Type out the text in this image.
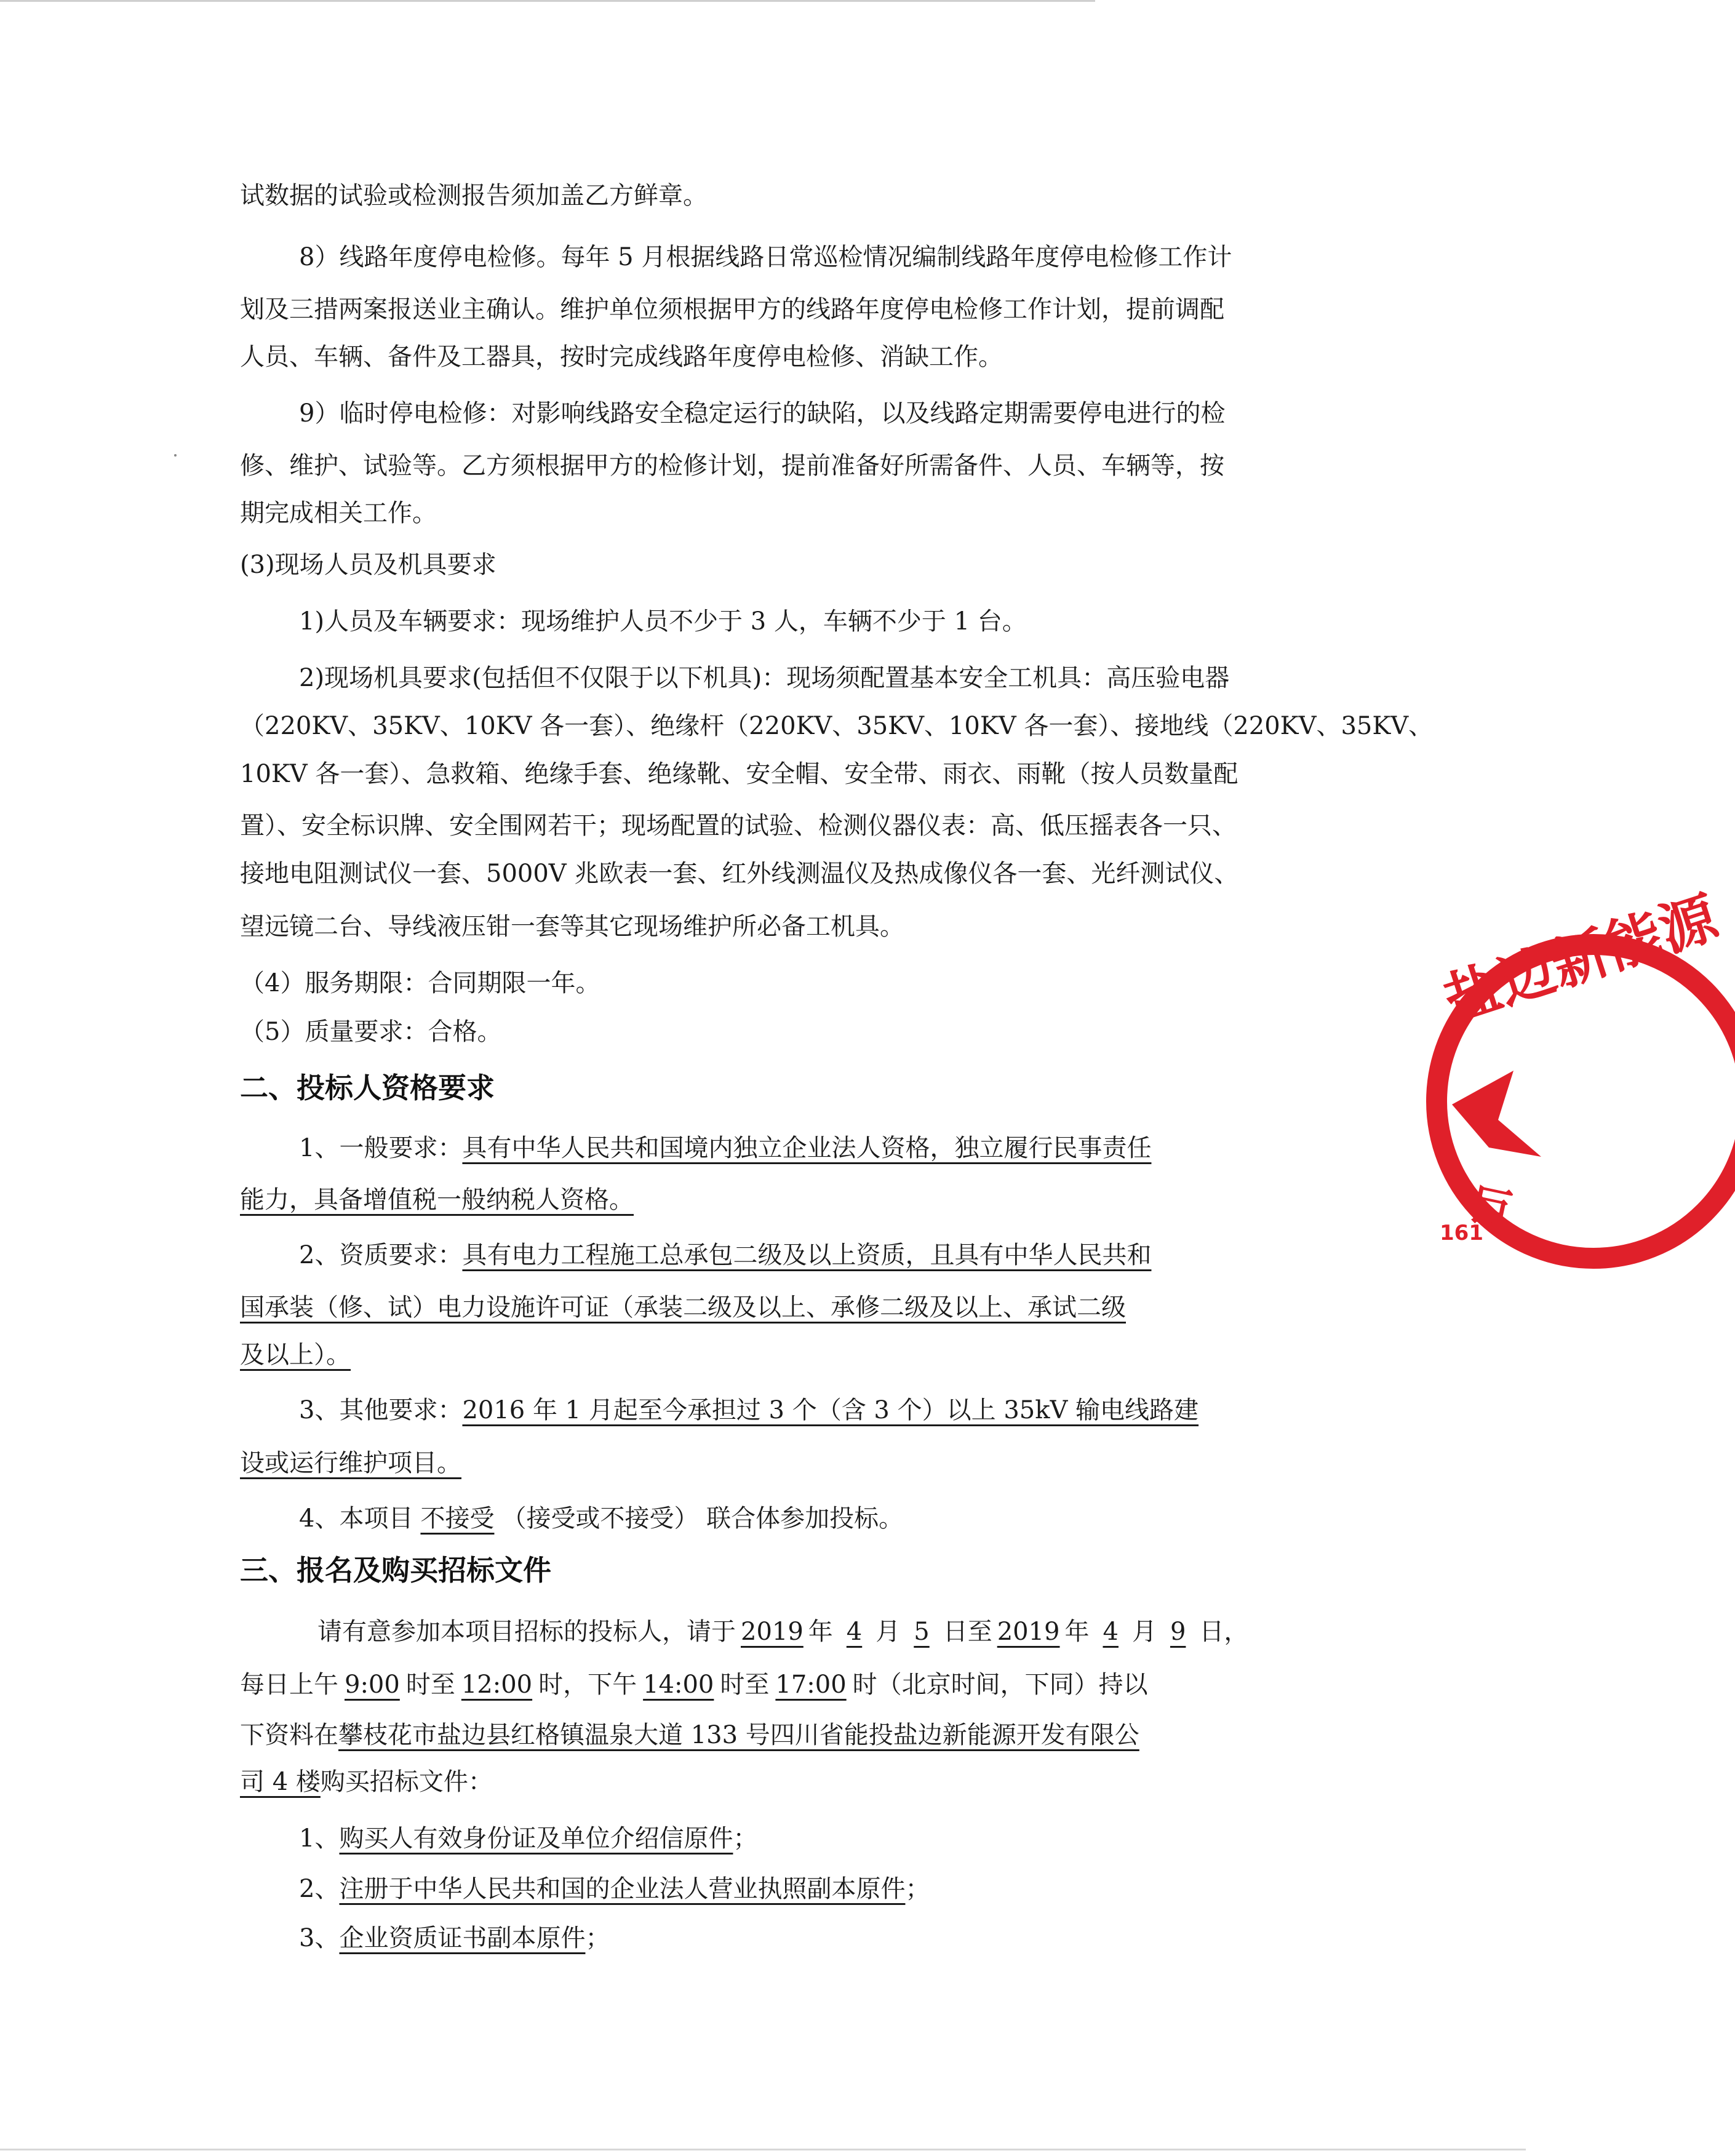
试数据的试验或检测报告须加盖乙方鲜章。
8）线路年度停电检修。每年 5 月根据线路日常巡检情况编制线路年度停电检修工作计
划及三措两案报送业主确认。维护单位须根据甲方的线路年度停电检修工作计划，提前调配
人员、车辆、备件及工器具，按时完成线路年度停电检修、消缺工作。
9）临时停电检修：对影响线路安全稳定运行的缺陷，以及线路定期需要停电进行的检
修、维护、试验等。乙方须根据甲方的检修计划，提前准备好所需备件、人员、车辆等，按
期完成相关工作。
(3)现场人员及机具要求
1)人员及车辆要求：现场维护人员不少于 3 人，车辆不少于 1 台。
2)现场机具要求(包括但不仅限于以下机具)：现场须配置基本安全工机具：高压验电器
（220KV、35KV、10KV 各一套）、绝缘杆（220KV、35KV、10KV 各一套）、接地线（220KV、35KV、
10KV 各一套）、急救箱、绝缘手套、绝缘靴、安全帽、安全带、雨衣、雨靴（按人员数量配
置）、安全标识牌、安全围网若干；现场配置的试验、检测仪器仪表：高、低压摇表各一只、
接地电阻测试仪一套、5000V 兆欧表一套、红外线测温仪及热成像仪各一套、光纤测试仪、
望远镜二台、导线液压钳一套等其它现场维护所必备工机具。
（4）服务期限：合同期限一年。
（5）质量要求：合格。
二、投标人资格要求
1、一般要求：具有中华人民共和国境内独立企业法人资格，独立履行民事责任
能力，具备增值税一般纳税人资格。
2、资质要求：具有电力工程施工总承包二级及以上资质，且具有中华人民共和
国承装（修、试）电力设施许可证（承装二级及以上、承修二级及以上、承试二级
及以上）。
3、其他要求：2016 年 1 月起至今承担过 3 个（含 3 个）以上 35kV 输电线路建
设或运行维护项目。
4、本项目 不接受 （接受或不接受） 联合体参加投标。
三、报名及购买招标文件
请有意参加本项目招标的投标人，请于 2019 年 4 月 5 日至 2019 年 4 月 9 日，
每日上午 9:00 时至 12:00 时，下午 14:00 时至 17:00 时（北京时间，下同）持以
下资料在攀枝花市盐边县红格镇温泉大道 133 号四川省能投盐边新能源开发有限公
司 4 楼购买招标文件：
1、购买人有效身份证及单位介绍信原件；
2、注册于中华人民共和国的企业法人营业执照副本原件；
3、企业资质证书副本原件；
盐边新能源
161
巨
